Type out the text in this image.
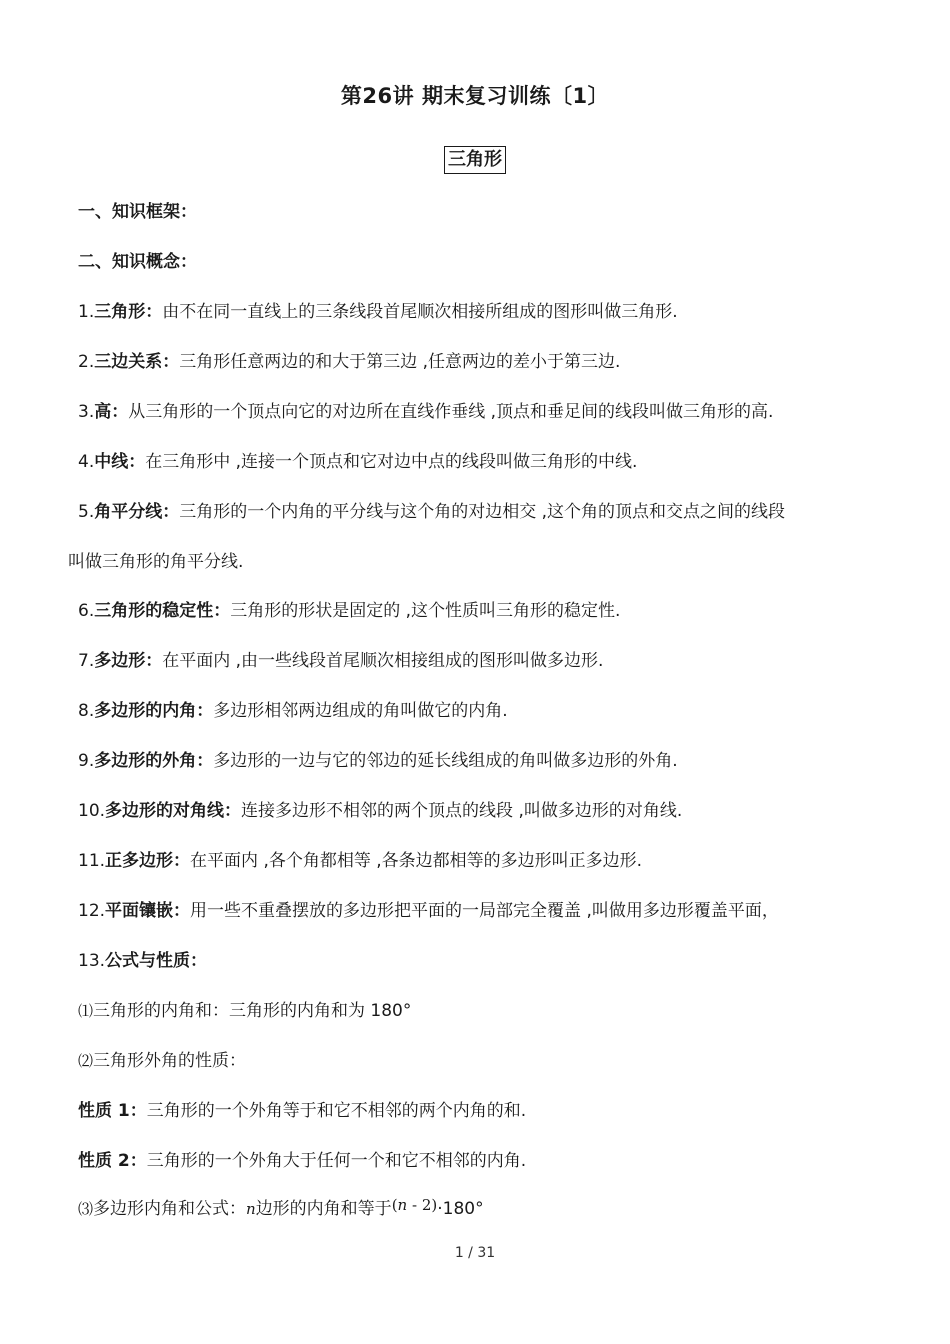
第26讲 期末复习训练〔1〕
三角形
一、知识框架：
二、知识概念：
1.三角形：由不在同一直线上的三条线段首尾顺次相接所组成的图形叫做三角形.
2.三边关系：三角形任意两边的和大于第三边 ,任意两边的差小于第三边.
3.高：从三角形的一个顶点向它的对边所在直线作垂线 ,顶点和垂足间的线段叫做三角形的高.
4.中线：在三角形中 ,连接一个顶点和它对边中点的线段叫做三角形的中线.
5.角平分线：三角形的一个内角的平分线与这个角的对边相交 ,这个角的顶点和交点之间的线段
叫做三角形的角平分线.
6.三角形的稳定性：三角形的形状是固定的 ,这个性质叫三角形的稳定性.
7.多边形：在平面内 ,由一些线段首尾顺次相接组成的图形叫做多边形.
8.多边形的内角：多边形相邻两边组成的角叫做它的内角.
9.多边形的外角：多边形的一边与它的邻边的延长线组成的角叫做多边形的外角.
10.多边形的对角线：连接多边形不相邻的两个顶点的线段 ,叫做多边形的对角线.
11.正多边形：在平面内 ,各个角都相等 ,各条边都相等的多边形叫正多边形.
12.平面镶嵌：用一些不重叠摆放的多边形把平面的一局部完全覆盖 ,叫做用多边形覆盖平面，
13.公式与性质：
⑴三角形的内角和：三角形的内角和为 180°
⑵三角形外角的性质：
性质 1：三角形的一个外角等于和它不相邻的两个内角的和.
性质 2：三角形的一个外角大于任何一个和它不相邻的内角.
⑶多边形内角和公式：n边形的内角和等于(n - 2)·180°
1 / 31
